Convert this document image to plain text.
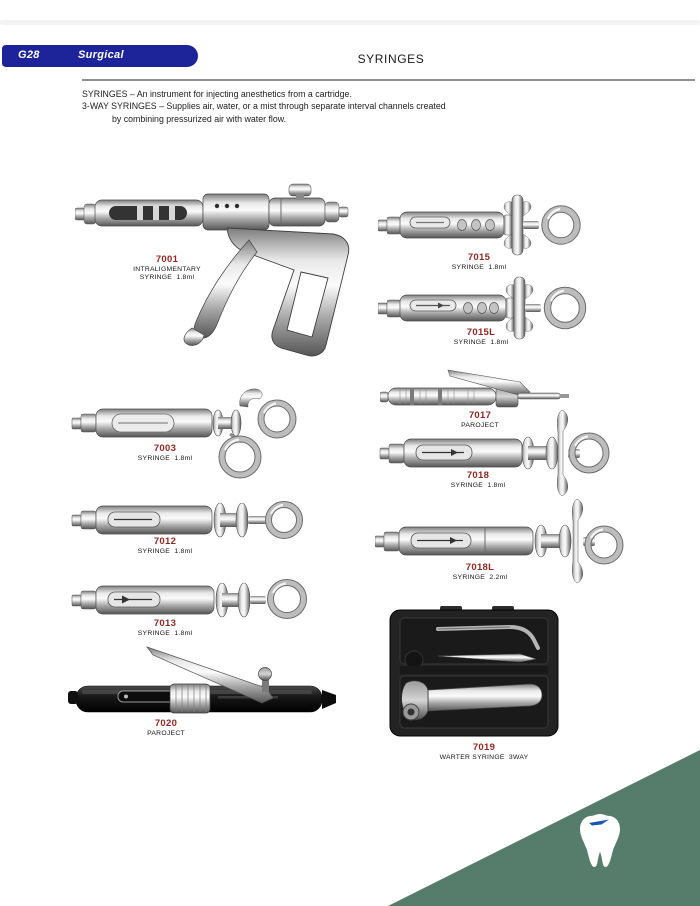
G28	Surgical	SYRINGES
SYRINGES – An instrument for injecting anesthetics from a cartridge.
3-WAY SYRINGES – Supplies air, water, or a mist through separate interval channels created
by combining pressurized air with water flow.
7001
INTRALIGMENTARY
SYRINGE  1.8ml
7015
SYRINGE  1.8ml
7015L
SYRINGE  1.8ml
7017
PAROJECT
7003
SYRINGE  1.8ml
7018
SYRINGE  1.8ml
7012
SYRINGE  1.8ml
7018L
SYRINGE  2.2ml
7013
SYRINGE  1.8ml
7020
PAROJECT
7019
WARTER SYRINGE  3WAY
